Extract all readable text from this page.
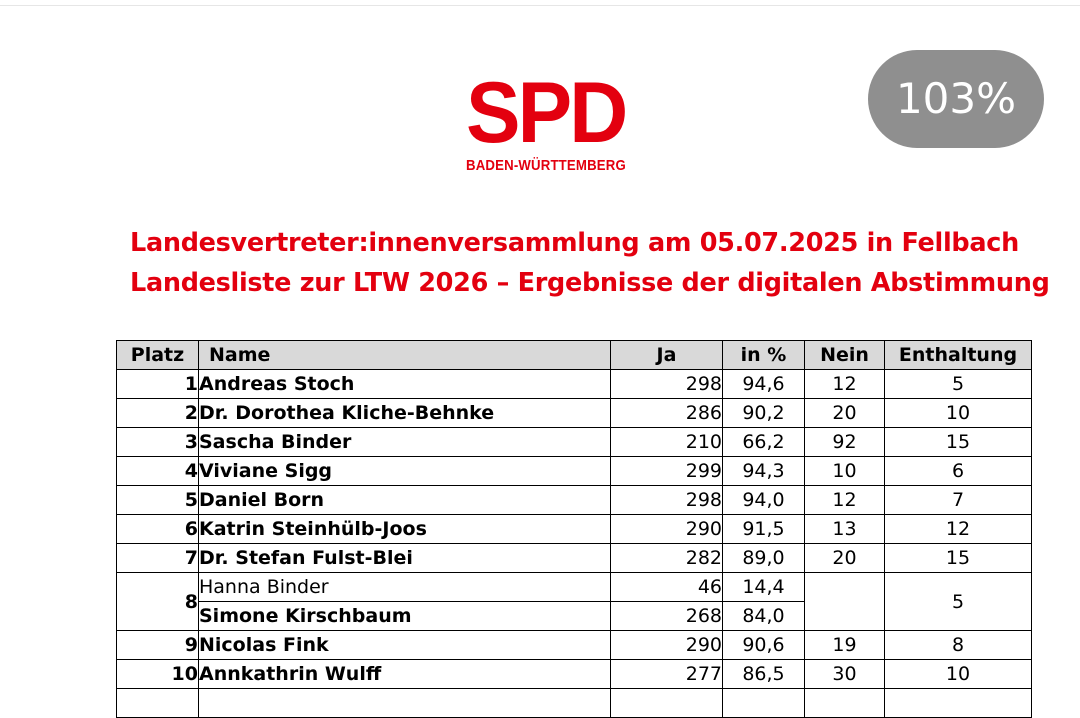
SPD
BADEN-WÜRTTEMBERG
103%
Landesvertreter:innenversammlung am 05.07.2025 in Fellbach
Landesliste zur LTW 2026 – Ergebnisse der digitalen Abstimmung
Platz	Name	Ja	in %	Nein	Enthaltung
1	Andreas Stoch	298	94,6	12	5
2	Dr. Dorothea Kliche-Behnke	286	90,2	20	10
3	Sascha Binder	210	66,2	92	15
4	Viviane Sigg	299	94,3	10	6
5	Daniel Born	298	94,0	12	7
6	Katrin Steinhülb-Joos	290	91,5	13	12
7	Dr. Stefan Fulst-Blei	282	89,0	20	15
8	Hanna Binder	46	14,4		5
	Simone Kirschbaum	268	84,0		
9	Nicolas Fink	290	90,6	19	8
10	Annkathrin Wulff	277	86,5	30	10
